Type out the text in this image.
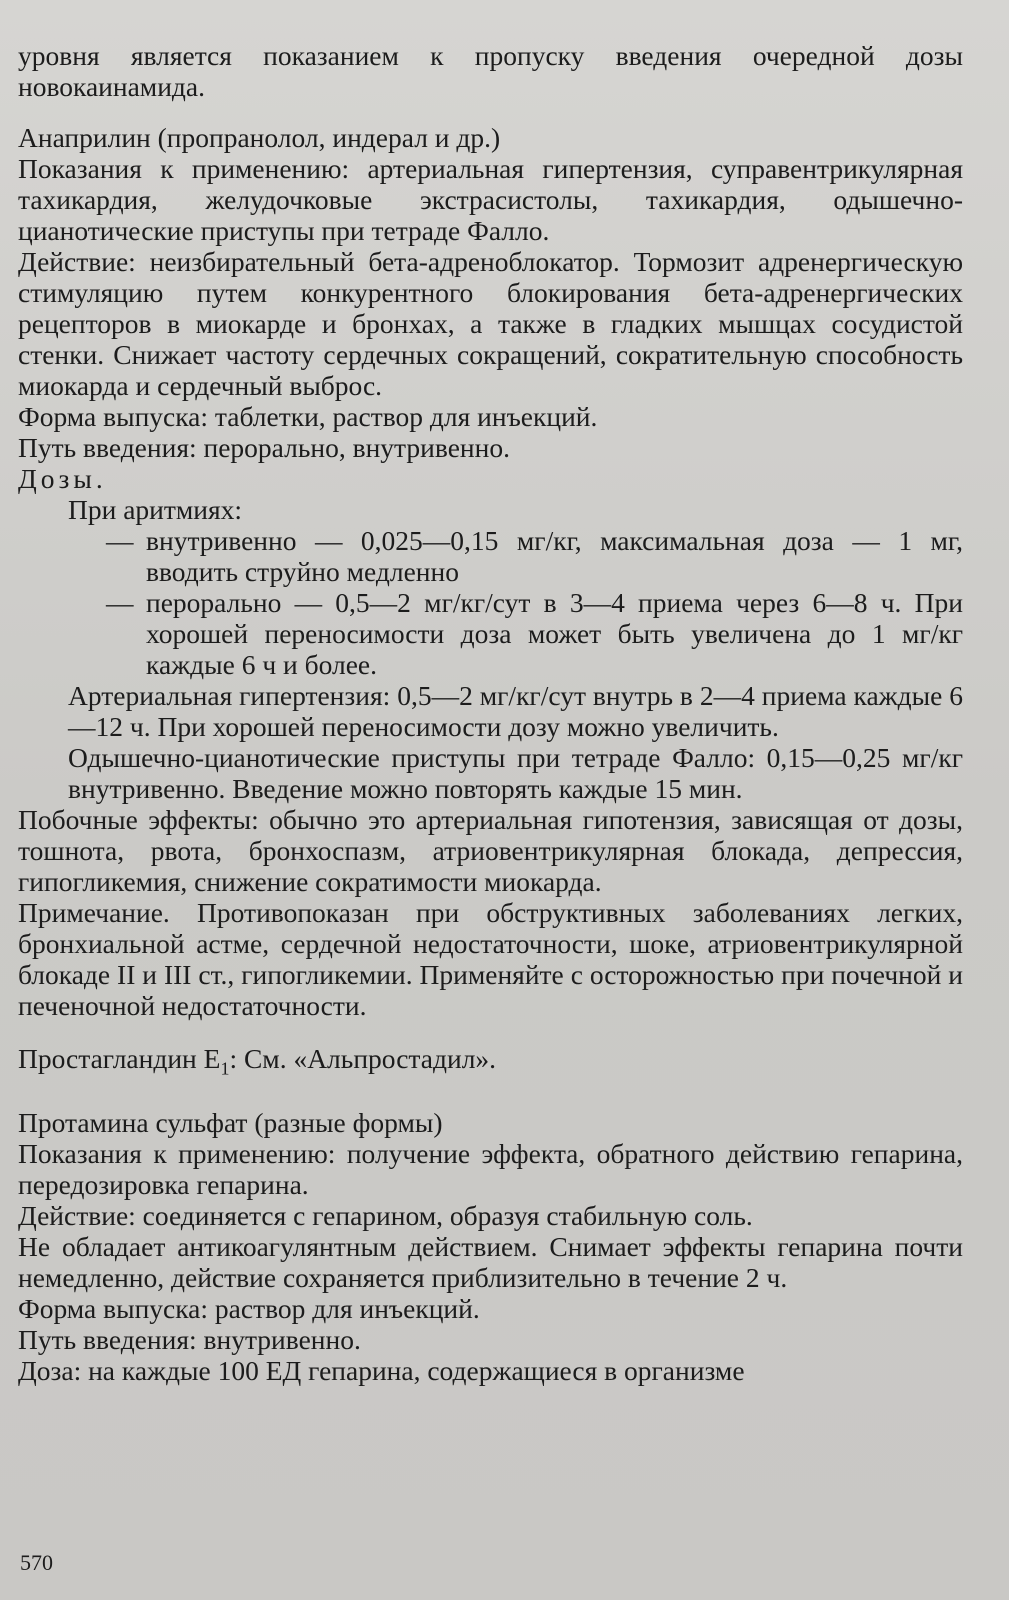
уровня является показанием к пропуску введения очередной дозы новокаинамида.

Анаприлин (пропранолол, индерал и др.)

Показания к применению: артериальная гипертензия, суправентрикулярная тахикардия, желудочковые экстрасистолы, тахикардия, одышечно-цианотические приступы при тетраде Фалло.

Действие: неизбирательный бета-адреноблокатор. Тормозит адренергическую стимуляцию путем конкурентного блокирования бета-адренергических рецепторов в миокарде и бронхах, а также в гладких мышцах сосудистой стенки. Снижает частоту сердечных сокращений, сократительную способность миокарда и сердечный выброс.

Форма выпуска: таблетки, раствор для инъекций.

Путь введения: перорально, внутривенно.

Дозы.

При аритмиях:

— внутривенно — 0,025—0,15 мг/кг, максимальная доза — 1 мг, вводить струйно медленно

— перорально — 0,5—2 мг/кг/сут в 3—4 приема через 6—8 ч. При хорошей переносимости доза может быть увеличена до 1 мг/кг каждые 6 ч и более.

Артериальная гипертензия: 0,5—2 мг/кг/сут внутрь в 2—4 приема каждые 6—12 ч. При хорошей переносимости дозу можно увеличить.

Одышечно-цианотические приступы при тетраде Фалло: 0,15—0,25 мг/кг внутривенно. Введение можно повторять каждые 15 мин.

Побочные эффекты: обычно это артериальная гипотензия, зависящая от дозы, тошнота, рвота, бронхоспазм, атриовентрикулярная блокада, депрессия, гипогликемия, снижение сократимости миокарда.

Примечание. Противопоказан при обструктивных заболеваниях легких, бронхиальной астме, сердечной недостаточности, шоке, атриовентрикулярной блокаде II и III ст., гипогликемии. Применяйте с осторожностью при почечной и печеночной недостаточности.

Простагландин $E_1$: См. «Альпростадил».

Протамина сульфат (разные формы)

Показания к применению: получение эффекта, обратного действию гепарина, передозировка гепарина.

Действие: соединяется с гепарином, образуя стабильную соль.

Не обладает антикоагулянтным действием. Снимает эффекты гепарина почти немедленно, действие сохраняется приблизительно в течение 2 ч.

Форма выпуска: раствор для инъекций.

Путь введения: внутривенно.

Доза: на каждые 100 ЕД гепарина, содержащиеся в организме

570
